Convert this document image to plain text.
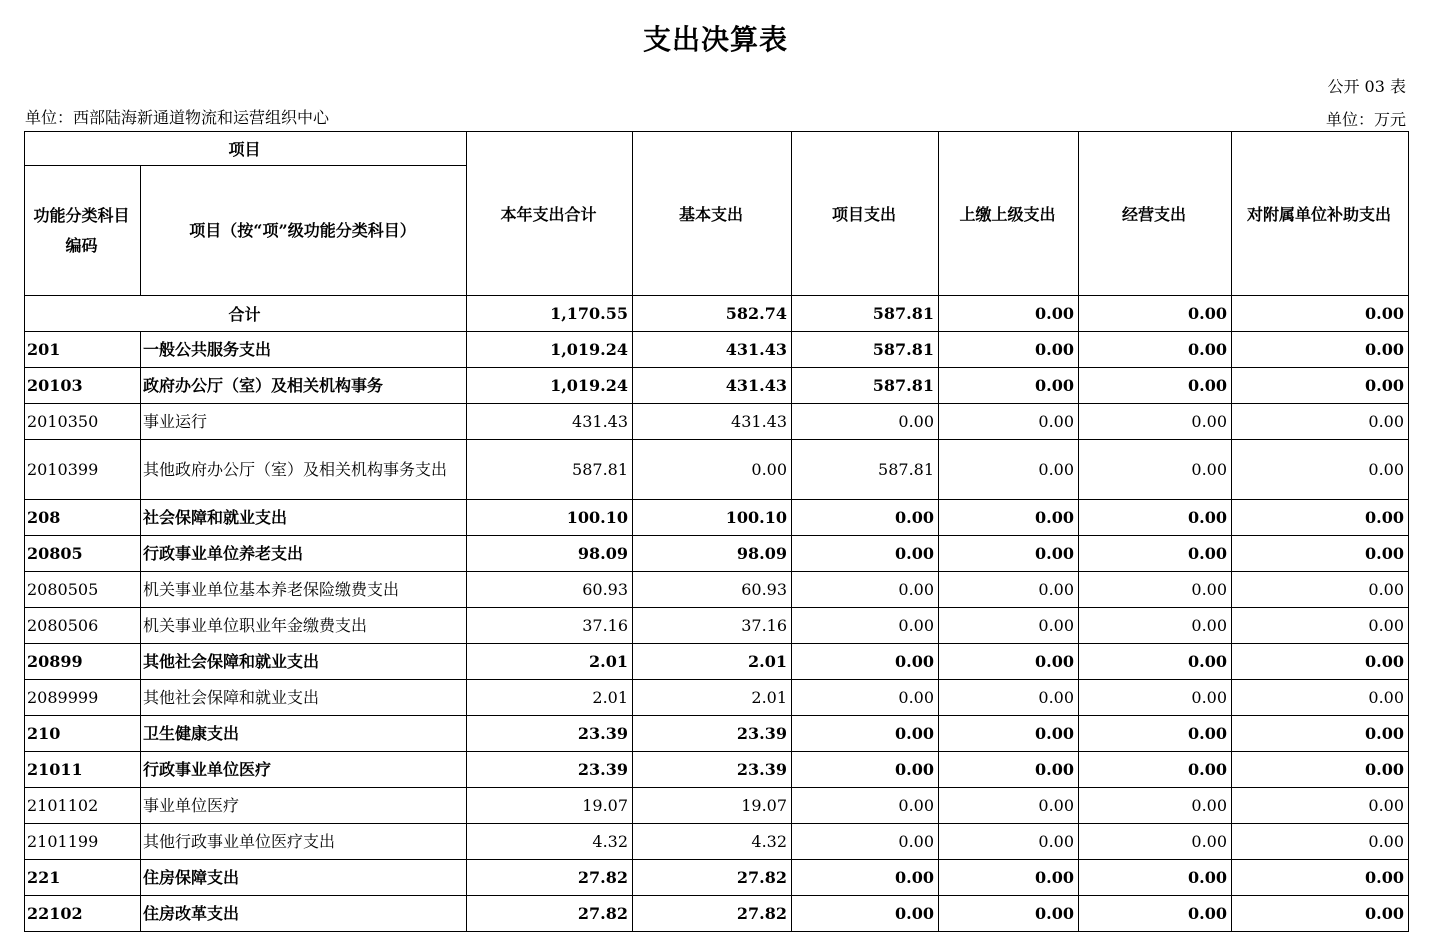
支出决算表
公开 03 表
单位：西部陆海新通道物流和运营组织中心	单位：万元
项目		本年支出合计	基本支出	项目支出	上缴上级支出	经营支出	对附属单位补助支出
功能分类科目编码	项目（按“项”级功能分类科目）						
合计		1,170.55	582.74	587.81	0.00	0.00	0.00
201	一般公共服务支出	1,019.24	431.43	587.81	0.00	0.00	0.00
20103	政府办公厅（室）及相关机构事务	1,019.24	431.43	587.81	0.00	0.00	0.00
2010350	事业运行	431.43	431.43	0.00	0.00	0.00	0.00
2010399	其他政府办公厅（室）及相关机构事务支出	587.81	0.00	587.81	0.00	0.00	0.00
208	社会保障和就业支出	100.10	100.10	0.00	0.00	0.00	0.00
20805	行政事业单位养老支出	98.09	98.09	0.00	0.00	0.00	0.00
2080505	机关事业单位基本养老保险缴费支出	60.93	60.93	0.00	0.00	0.00	0.00
2080506	机关事业单位职业年金缴费支出	37.16	37.16	0.00	0.00	0.00	0.00
20899	其他社会保障和就业支出	2.01	2.01	0.00	0.00	0.00	0.00
2089999	其他社会保障和就业支出	2.01	2.01	0.00	0.00	0.00	0.00
210	卫生健康支出	23.39	23.39	0.00	0.00	0.00	0.00
21011	行政事业单位医疗	23.39	23.39	0.00	0.00	0.00	0.00
2101102	事业单位医疗	19.07	19.07	0.00	0.00	0.00	0.00
2101199	其他行政事业单位医疗支出	4.32	4.32	0.00	0.00	0.00	0.00
221	住房保障支出	27.82	27.82	0.00	0.00	0.00	0.00
22102	住房改革支出	27.82	27.82	0.00	0.00	0.00	0.00
